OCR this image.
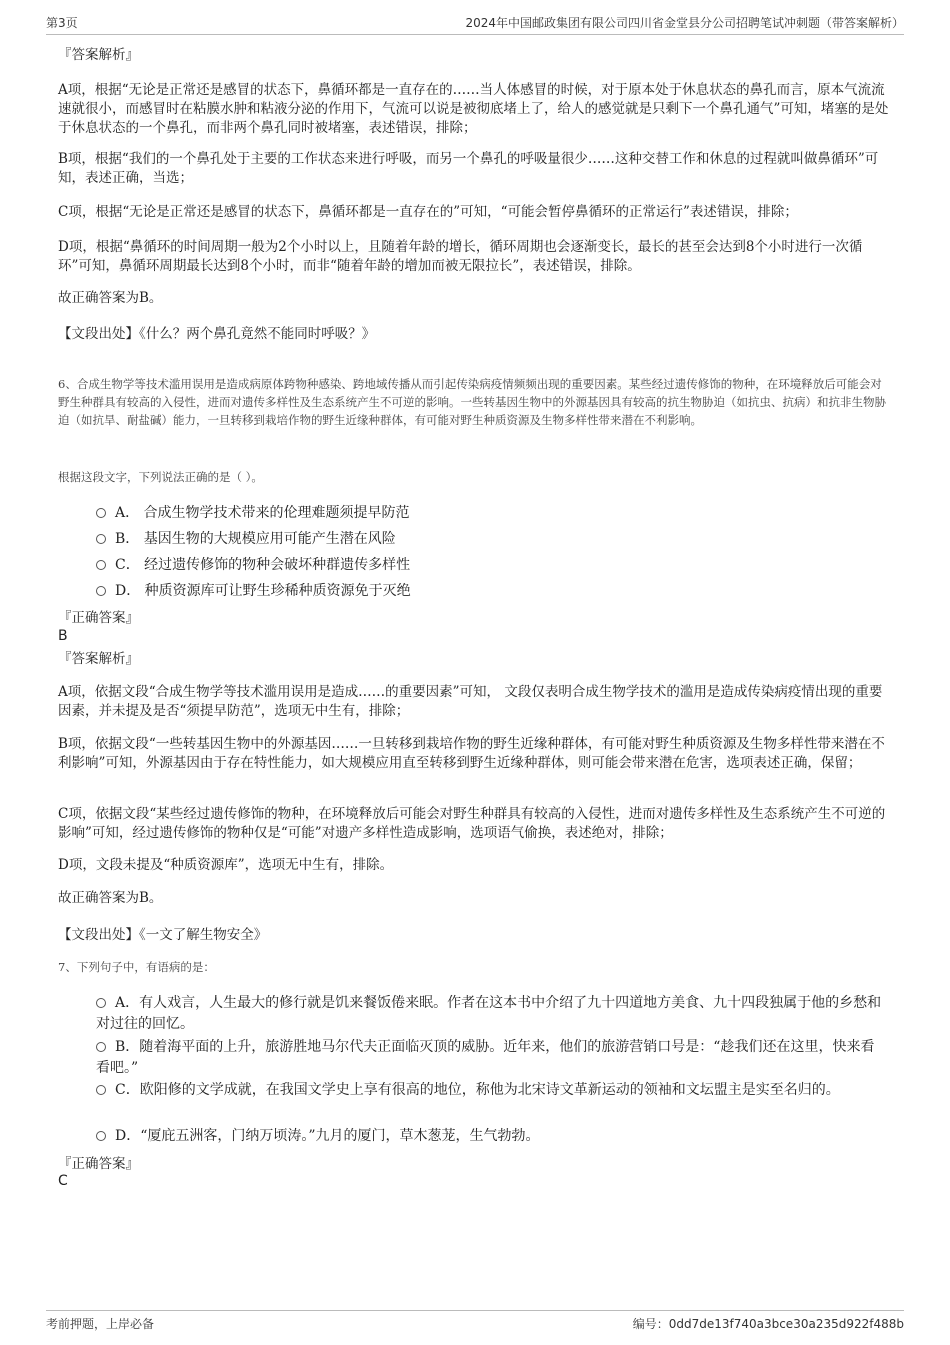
第3页	2024年中国邮政集团有限公司四川省金堂县分公司招聘笔试冲刺题（带答案解析）
『答案解析』
A项，根据“无论是正常还是感冒的状态下，鼻循环都是一直存在的……当人体感冒的时候，对于原本处于休息状态的鼻孔而言，原本气流流速就很小，而感冒时在粘膜水肿和粘液分泌的作用下，气流可以说是被彻底堵上了，给人的感觉就是只剩下一个鼻孔通气”可知，堵塞的是处于休息状态的一个鼻孔，而非两个鼻孔同时被堵塞，表述错误，排除；
B项，根据“我们的一个鼻孔处于主要的工作状态来进行呼吸，而另一个鼻孔的呼吸量很少……这种交替工作和休息的过程就叫做鼻循环”可知，表述正确，当选；
C项，根据“无论是正常还是感冒的状态下，鼻循环都是一直存在的”可知，“可能会暂停鼻循环的正常运行”表述错误，排除；
D项，根据“鼻循环的时间周期一般为2个小时以上，且随着年龄的增长，循环周期也会逐渐变长，最长的甚至会达到8个小时进行一次循环”可知，鼻循环周期最长达到8个小时，而非“随着年龄的增加而被无限拉长”，表述错误，排除。
故正确答案为B。
【文段出处】《什么？两个鼻孔竟然不能同时呼吸？》
6、合成生物学等技术滥用误用是造成病原体跨物种感染、跨地域传播从而引起传染病疫情频频出现的重要因素。某些经过遗传修饰的物种，在环境释放后可能会对野生种群具有较高的入侵性，进而对遗传多样性及生态系统产生不可逆的影响。一些转基因生物中的外源基因具有较高的抗生物胁迫（如抗虫、抗病）和抗非生物胁迫（如抗旱、耐盐碱）能力，一旦转移到栽培作物的野生近缘种群体，有可能对野生种质资源及生物多样性带来潜在不利影响。
根据这段文字，下列说法正确的是（ ）。
A． 合成生物学技术带来的伦理难题须提早防范
B． 基因生物的大规模应用可能产生潜在风险
C． 经过遗传修饰的物种会破坏种群遗传多样性
D． 种质资源库可让野生珍稀种质资源免于灭绝
『正确答案』
B
『答案解析』
A项，依据文段“合成生物学等技术滥用误用是造成……的重要因素”可知， 文段仅表明合成生物学技术的滥用是造成传染病疫情出现的重要因素，并未提及是否“须提早防范”，选项无中生有，排除；
B项，依据文段“一些转基因生物中的外源基因……一旦转移到栽培作物的野生近缘种群体，有可能对野生种质资源及生物多样性带来潜在不利影响”可知，外源基因由于存在特性能力，如大规模应用直至转移到野生近缘种群体，则可能会带来潜在危害，选项表述正确，保留；
C项，依据文段“某些经过遗传修饰的物种，在环境释放后可能会对野生种群具有较高的入侵性，进而对遗传多样性及生态系统产生不可逆的影响”可知，经过遗传修饰的物种仅是“可能”对遗产多样性造成影响，选项语气偷换，表述绝对，排除；
D项，文段未提及“种质资源库”，选项无中生有，排除。
故正确答案为B。
【文段出处】《一文了解生物安全》
7、下列句子中，有语病的是：
A．有人戏言，人生最大的修行就是饥来餐饭倦来眠。作者在这本书中介绍了九十四道地方美食、九十四段独属于他的乡愁和对过往的回忆。
B．随着海平面的上升，旅游胜地马尔代夫正面临灭顶的威胁。近年来，他们的旅游营销口号是：“趁我们还在这里，快来看看吧。”
C．欧阳修的文学成就，在我国文学史上享有很高的地位，称他为北宋诗文革新运动的领袖和文坛盟主是实至名归的。
D．“厦庇五洲客，门纳万顷涛。”九月的厦门，草木葱茏，生气勃勃。
『正确答案』
C
考前押题，上岸必备	编号：0dd7de13f740a3bce30a235d922f488b
